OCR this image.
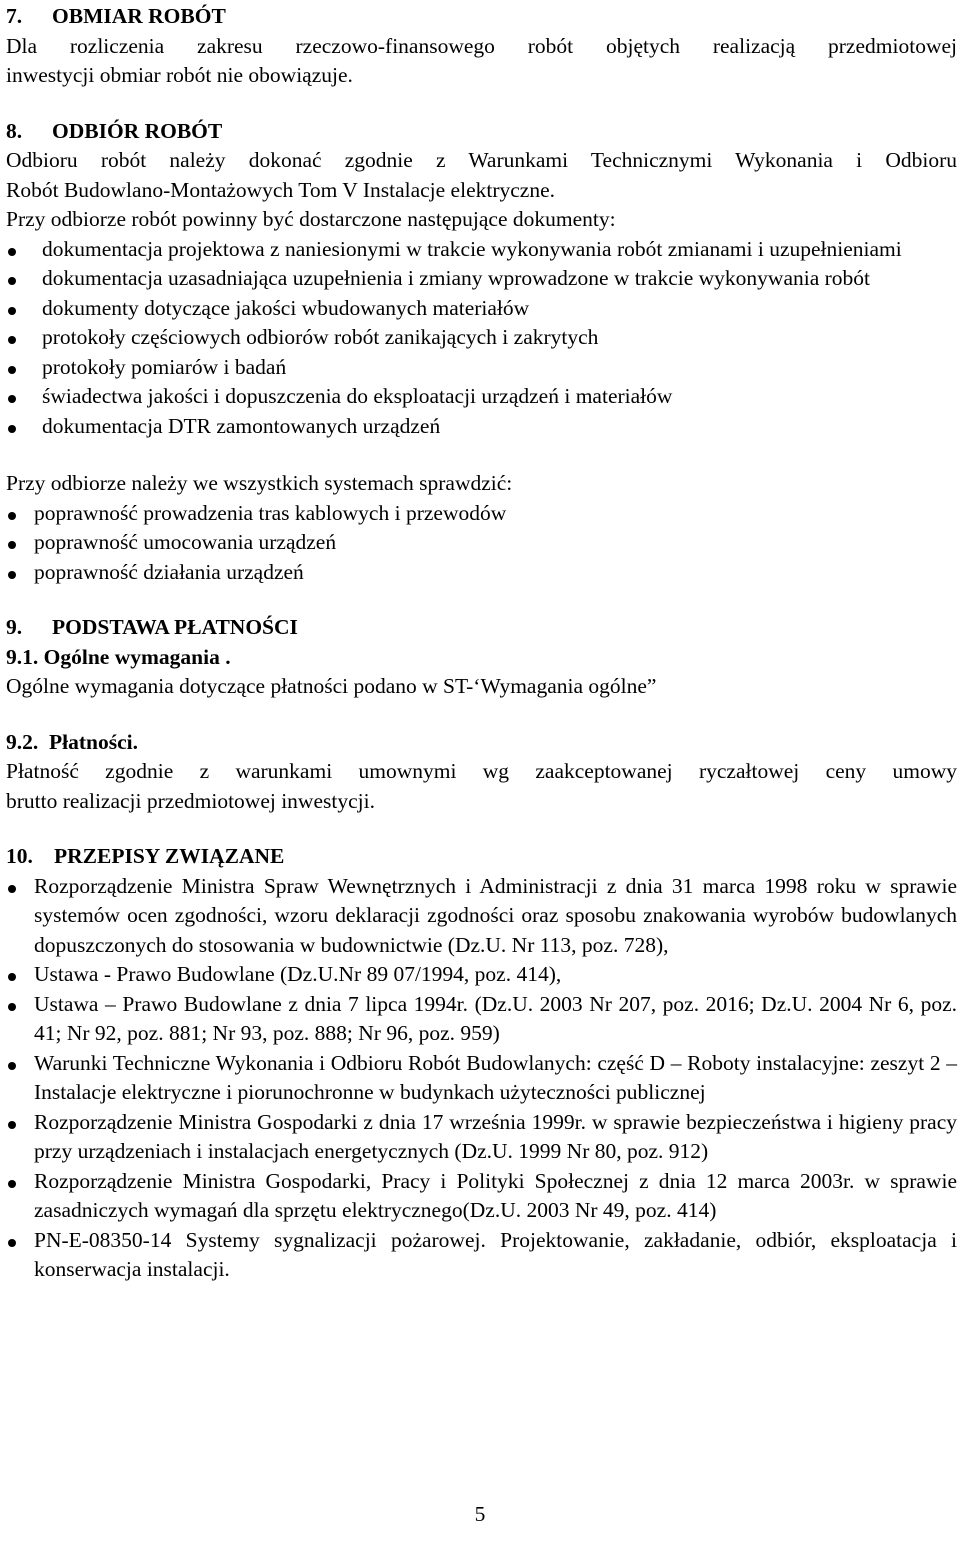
7. OBMIAR ROBÓT
Dla rozliczenia zakresu rzeczowo-finansowego robót objętych realizacją przedmiotowej
inwestycji obmiar robót nie obowiązuje.
8. ODBIÓR ROBÓT
Odbioru robót należy dokonać zgodnie z Warunkami Technicznymi Wykonania i Odbioru
Robót Budowlano-Montażowych Tom V Instalacje elektryczne.
Przy odbiorze robót powinny być dostarczone następujące dokumenty:
dokumentacja projektowa z naniesionymi w trakcie wykonywania robót zmianami i uzupełnieniami
dokumentacja uzasadniająca uzupełnienia i zmiany wprowadzone w trakcie wykonywania robót
dokumenty dotyczące jakości wbudowanych materiałów
protokoły częściowych odbiorów robót zanikających i zakrytych
protokoły pomiarów i badań
świadectwa jakości i dopuszczenia do eksploatacji urządzeń i materiałów
dokumentacja DTR zamontowanych urządzeń
Przy odbiorze należy we wszystkich systemach sprawdzić:
poprawność prowadzenia tras kablowych i przewodów
poprawność umocowania urządzeń
poprawność działania urządzeń
9. PODSTAWA PŁATNOŚCI
9.1. Ogólne wymagania .
Ogólne wymagania dotyczące płatności podano w ST-‘Wymagania ogólne”
9.2.  Płatności.
Płatność zgodnie z warunkami umownymi wg zaakceptowanej ryczałtowej ceny umowy
brutto realizacji przedmiotowej inwestycji.
10. PRZEPISY ZWIĄZANE
Rozporządzenie Ministra Spraw Wewnętrznych i Administracji z dnia 31 marca 1998 roku w sprawie systemów ocen zgodności, wzoru deklaracji zgodności oraz sposobu znakowania wyrobów budowlanych dopuszczonych do stosowania w budownictwie (Dz.U. Nr 113, poz. 728),
Ustawa - Prawo Budowlane (Dz.U.Nr 89 07/1994, poz. 414),
Ustawa – Prawo Budowlane z dnia 7 lipca 1994r. (Dz.U. 2003 Nr 207, poz. 2016; Dz.U. 2004 Nr 6, poz. 41; Nr 92, poz. 881; Nr 93, poz. 888; Nr 96, poz. 959)
Warunki Techniczne Wykonania i Odbioru Robót Budowlanych: część D – Roboty instalacyjne: zeszyt 2 – Instalacje elektryczne i piorunochronne w budynkach użyteczności publicznej
Rozporządzenie Ministra Gospodarki z dnia 17 września 1999r. w sprawie bezpieczeństwa i higieny pracy przy urządzeniach i instalacjach energetycznych (Dz.U. 1999 Nr 80, poz. 912)
Rozporządzenie Ministra Gospodarki, Pracy i Polityki Społecznej z dnia 12 marca 2003r. w sprawie zasadniczych wymagań dla sprzętu elektrycznego(Dz.U. 2003 Nr 49, poz. 414)
PN-E-08350-14 Systemy sygnalizacji pożarowej. Projektowanie, zakładanie, odbiór, eksploatacja i konserwacja instalacji.
5
